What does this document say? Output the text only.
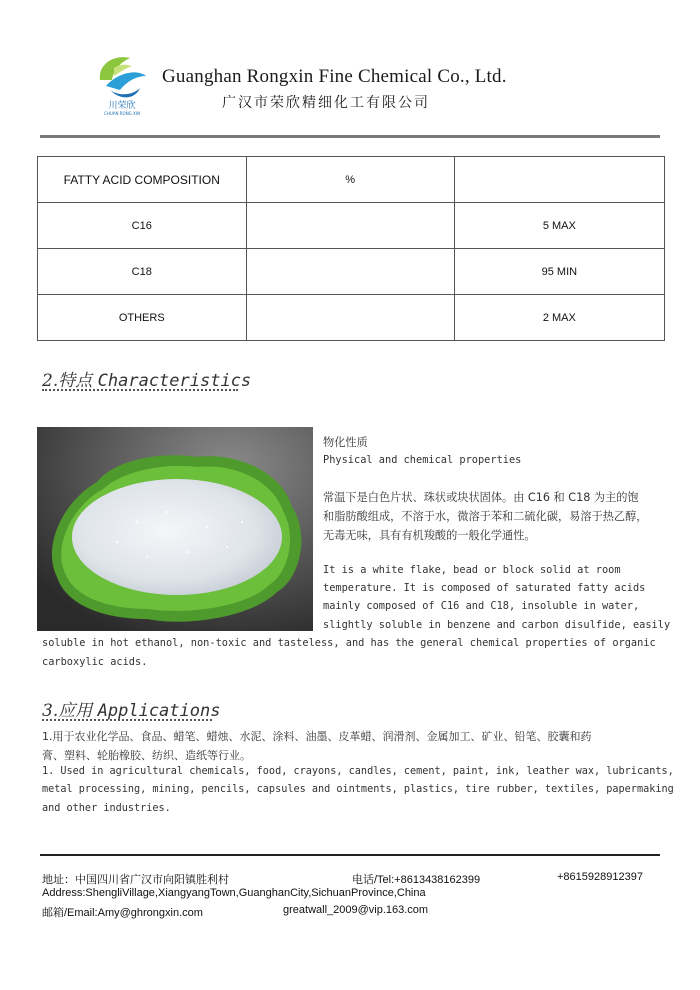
川荣欣
CHUAN RONG XIN
Guanghan Rongxin Fine Chemical Co., Ltd.
广汉市荣欣精细化工有限公司
FATTY ACID COMPOSITION	%	
C16		5 MAX
C18		95 MIN
OTHERS		2 MAX
2.特点 Characteristics
物化性质
Physical and chemical properties
常温下是白色片状、珠状或块状固体。由 C16 和 C18 为主的饱
和脂肪酸组成，不溶于水，微溶于苯和二硫化碳，易溶于热乙醇，
无毒无味，具有有机羧酸的一般化学通性。
It is a white flake, bead or block solid at room
temperature. It is composed of saturated fatty acids
mainly composed of C16 and C18, insoluble in water,
slightly soluble in benzene and carbon disulfide, easily
soluble in hot ethanol, non-toxic and tasteless, and has the general chemical properties of organic
carboxylic acids.
3.应用 Applications
1.用于农业化学品、食品、蜡笔、蜡烛、水泥、涂料、油墨、皮革蜡、润滑剂、金属加工、矿业、铅笔、胶囊和药
膏、塑料、轮胎橡胶、纺织、造纸等行业。
1. Used in agricultural chemicals, food, crayons, candles, cement, paint, ink, leather wax, lubricants,
metal processing, mining, pencils, capsules and ointments, plastics, tire rubber, textiles, papermaking
and other industries.
地址：中国四川省广汉市向阳镇胜利村	电话/Tel:+8613438162399	+8615928912397
Address:ShengliVillage,XiangyangTown,GuanghanCity,SichuanProvince,China
邮箱/Email:Amy@ghrongxin.com	greatwall_2009@vip.163.com
